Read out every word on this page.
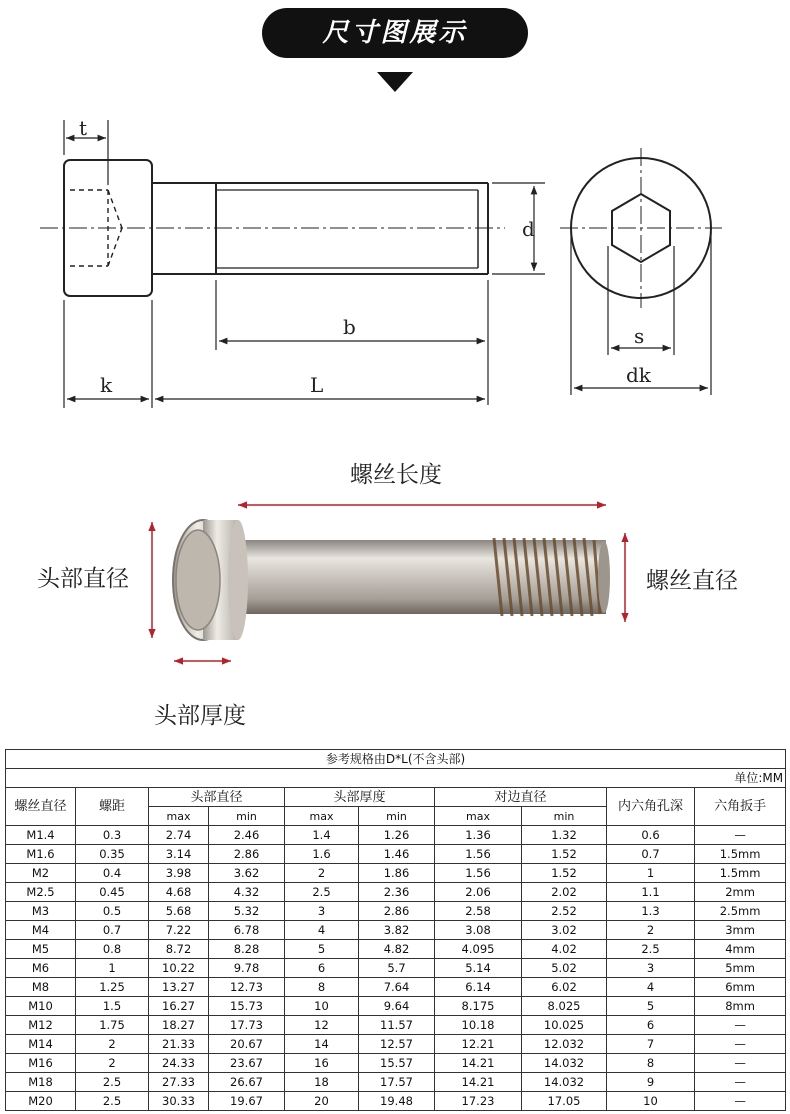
尺寸图展示
t
d
b
k	L
s
dk
螺丝长度
头部直径	螺丝直径
头部厚度
参考规格由D*L(不含头部)									
单位:MM									
螺丝直径	螺距	头部直径		头部厚度		对边直径		内六角孔深	六角扳手
		max	min	max	min	max	min		
M1.4	0.3	2.74	2.46	1.4	1.26	1.36	1.32	0.6	—
M1.6	0.35	3.14	2.86	1.6	1.46	1.56	1.52	0.7	1.5mm
M2	0.4	3.98	3.62	2	1.86	1.56	1.52	1	1.5mm
M2.5	0.45	4.68	4.32	2.5	2.36	2.06	2.02	1.1	2mm
M3	0.5	5.68	5.32	3	2.86	2.58	2.52	1.3	2.5mm
M4	0.7	7.22	6.78	4	3.82	3.08	3.02	2	3mm
M5	0.8	8.72	8.28	5	4.82	4.095	4.02	2.5	4mm
M6	1	10.22	9.78	6	5.7	5.14	5.02	3	5mm
M8	1.25	13.27	12.73	8	7.64	6.14	6.02	4	6mm
M10	1.5	16.27	15.73	10	9.64	8.175	8.025	5	8mm
M12	1.75	18.27	17.73	12	11.57	10.18	10.025	6	—
M14	2	21.33	20.67	14	12.57	12.21	12.032	7	—
M16	2	24.33	23.67	16	15.57	14.21	14.032	8	—
M18	2.5	27.33	26.67	18	17.57	14.21	14.032	9	—
M20	2.5	30.33	19.67	20	19.48	17.23	17.05	10	—
